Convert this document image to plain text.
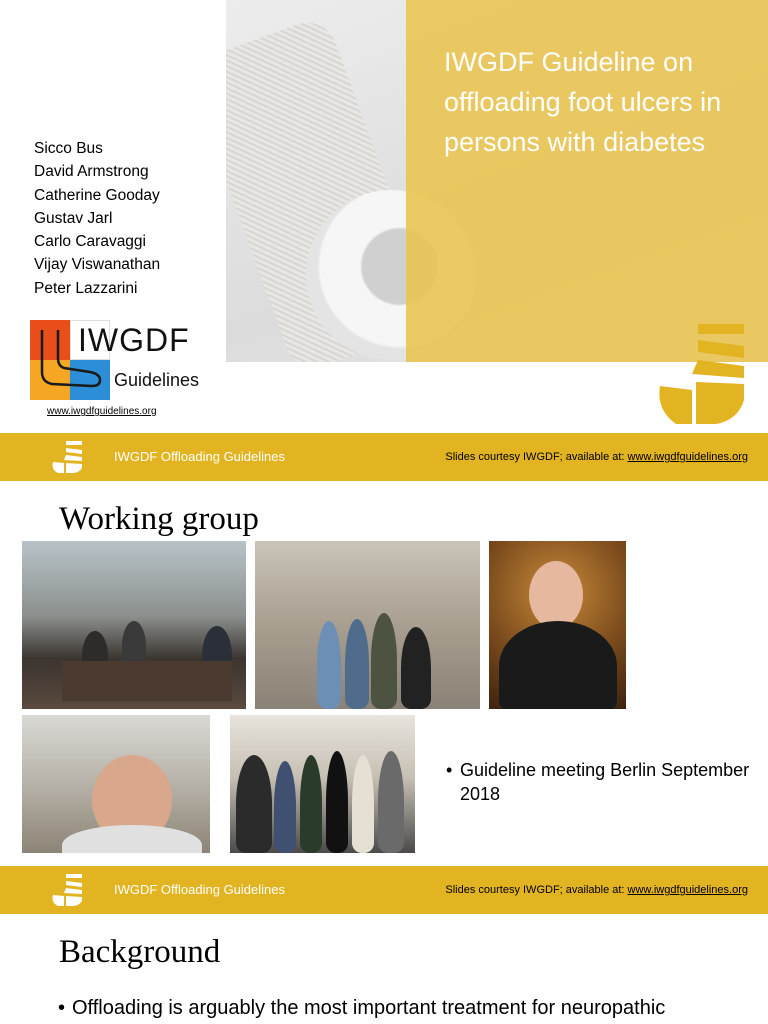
IWGDF Guideline on offloading foot ulcers in persons with diabetes
Sicco Bus
David Armstrong
Catherine Gooday
Gustav Jarl
Carlo Caravaggi
Vijay Viswanathan
Peter Lazzarini
IWGDF
Guidelines
www.iwgdfguidelines.org
IWGDF Offloading Guidelines	Slides courtesy IWGDF; available at: www.iwgdfguidelines.org
Working group
• Guideline meeting Berlin September 2018
IWGDF Offloading Guidelines	Slides courtesy IWGDF; available at: www.iwgdfguidelines.org
Background
• Offloading is arguably the most important treatment for neuropathic
